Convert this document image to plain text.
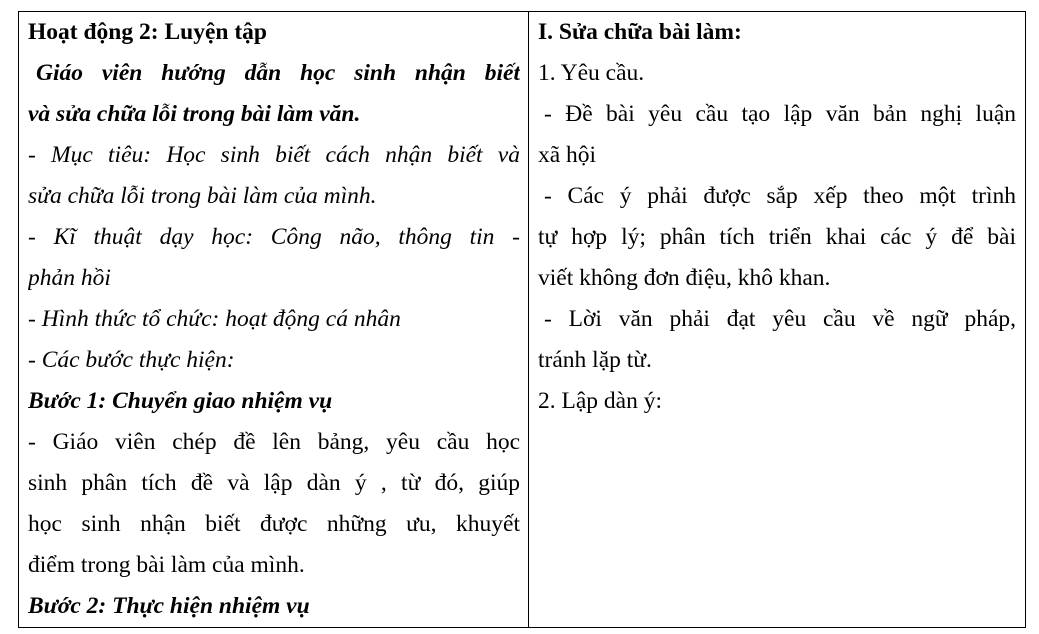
Hoạt động 2: Luyện tập
Giáo viên hướng dẫn học sinh nhận biết
và sửa chữa lỗi trong bài làm văn.
- Mục tiêu: Học sinh biết cách nhận biết và
sửa chữa lỗi trong bài làm của mình.
- Kĩ thuật dạy học: Công não, thông tin -
phản hồi
- Hình thức tổ chức: hoạt động cá nhân
- Các bước thực hiện:
Bước 1: Chuyển giao nhiệm vụ
- Giáo viên chép đề lên bảng, yêu cầu học
sinh phân tích đề và lập dàn ý , từ đó, giúp
học sinh nhận biết được những ưu, khuyết
điểm trong bài làm của mình.
Bước 2: Thực hiện nhiệm vụ
I. Sửa chữa bài làm:
1. Yêu cầu.
- Đề bài yêu cầu tạo lập văn bản nghị luận
xã hội
- Các ý phải được sắp xếp theo một trình
tự hợp lý; phân tích triển khai các ý để bài
viết không đơn điệu, khô khan.
- Lời văn phải đạt yêu cầu về ngữ pháp,
tránh lặp từ.
2. Lập dàn ý:
